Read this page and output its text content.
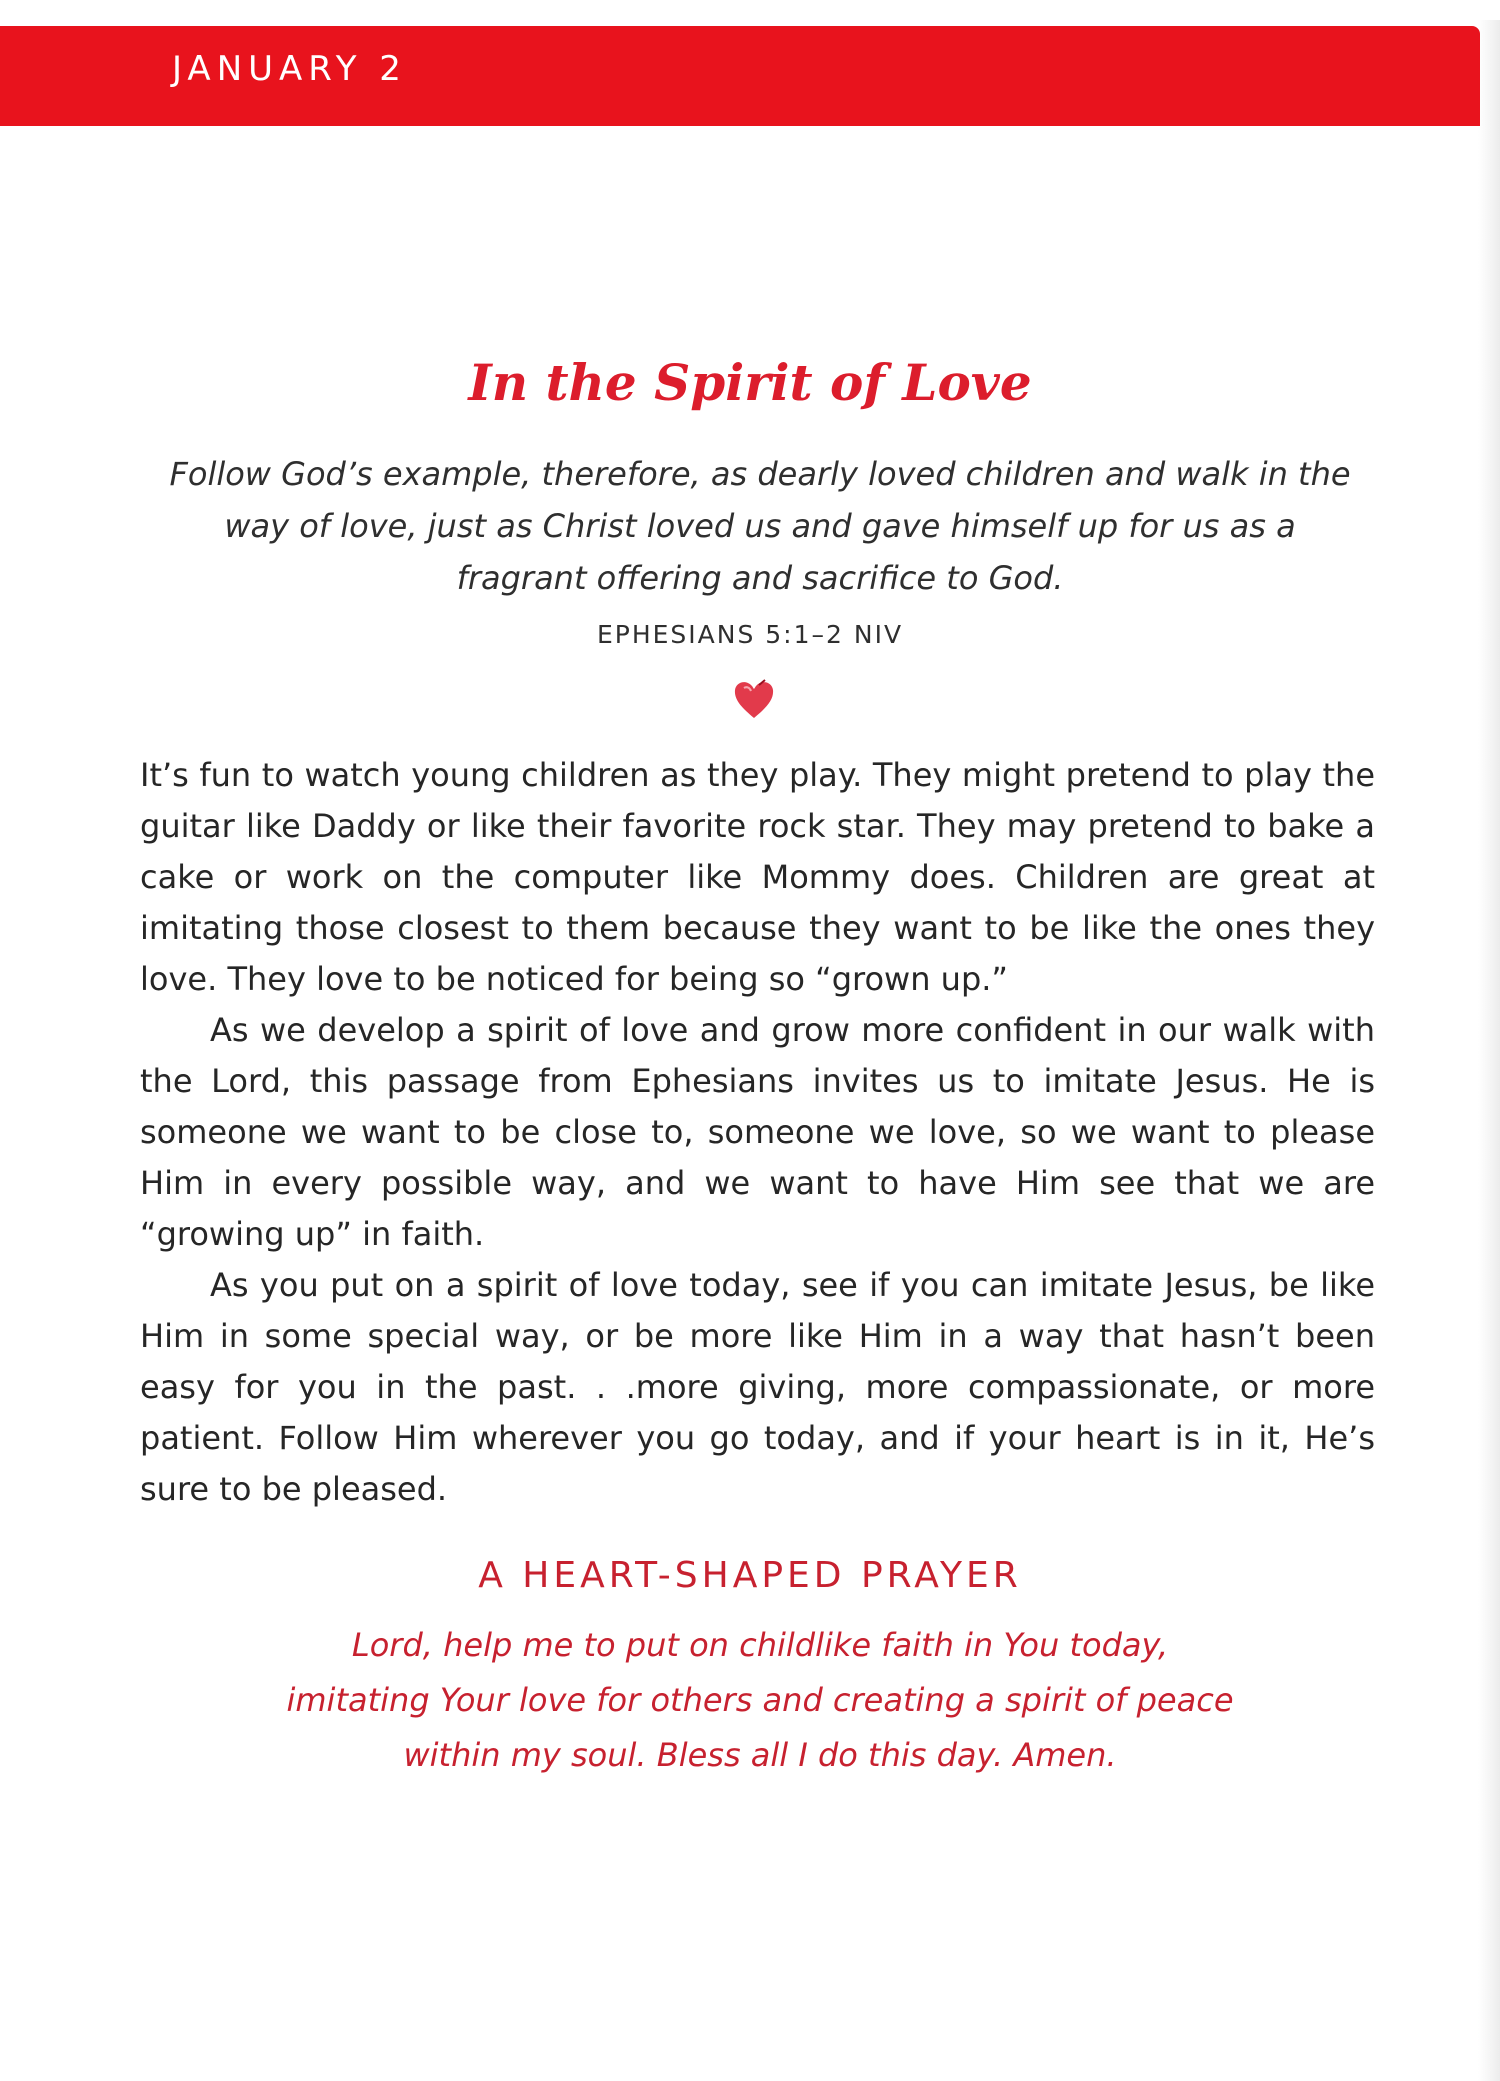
JANUARY 2
In the Spirit of Love
Follow God’s example, therefore, as dearly loved children and walk in the way of love, just as Christ loved us and gave himself up for us as a fragrant offering and sacrifice to God.
EPHESIANS 5:1–2 NIV

It’s fun to watch young children as they play. They might pretend to play the guitar like Daddy or like their favorite rock star. They may pretend to bake a cake or work on the computer like Mommy does. Children are great at imitating those closest to them because they want to be like the ones they love. They love to be noticed for being so “grown up.”

As we develop a spirit of love and grow more confident in our walk with the Lord, this passage from Ephesians invites us to imitate Jesus. He is someone we want to be close to, someone we love, so we want to please Him in every possible way, and we want to have Him see that we are “growing up” in faith.

As you put on a spirit of love today, see if you can imitate Jesus, be like Him in some special way, or be more like Him in a way that hasn’t been easy for you in the past. . .more giving, more compassionate, or more patient. Follow Him wherever you go today, and if your heart is in it, He’s sure to be pleased.

A HEART-SHAPED PRAYER
Lord, help me to put on childlike faith in You today, imitating Your love for others and creating a spirit of peace within my soul. Bless all I do this day. Amen.
